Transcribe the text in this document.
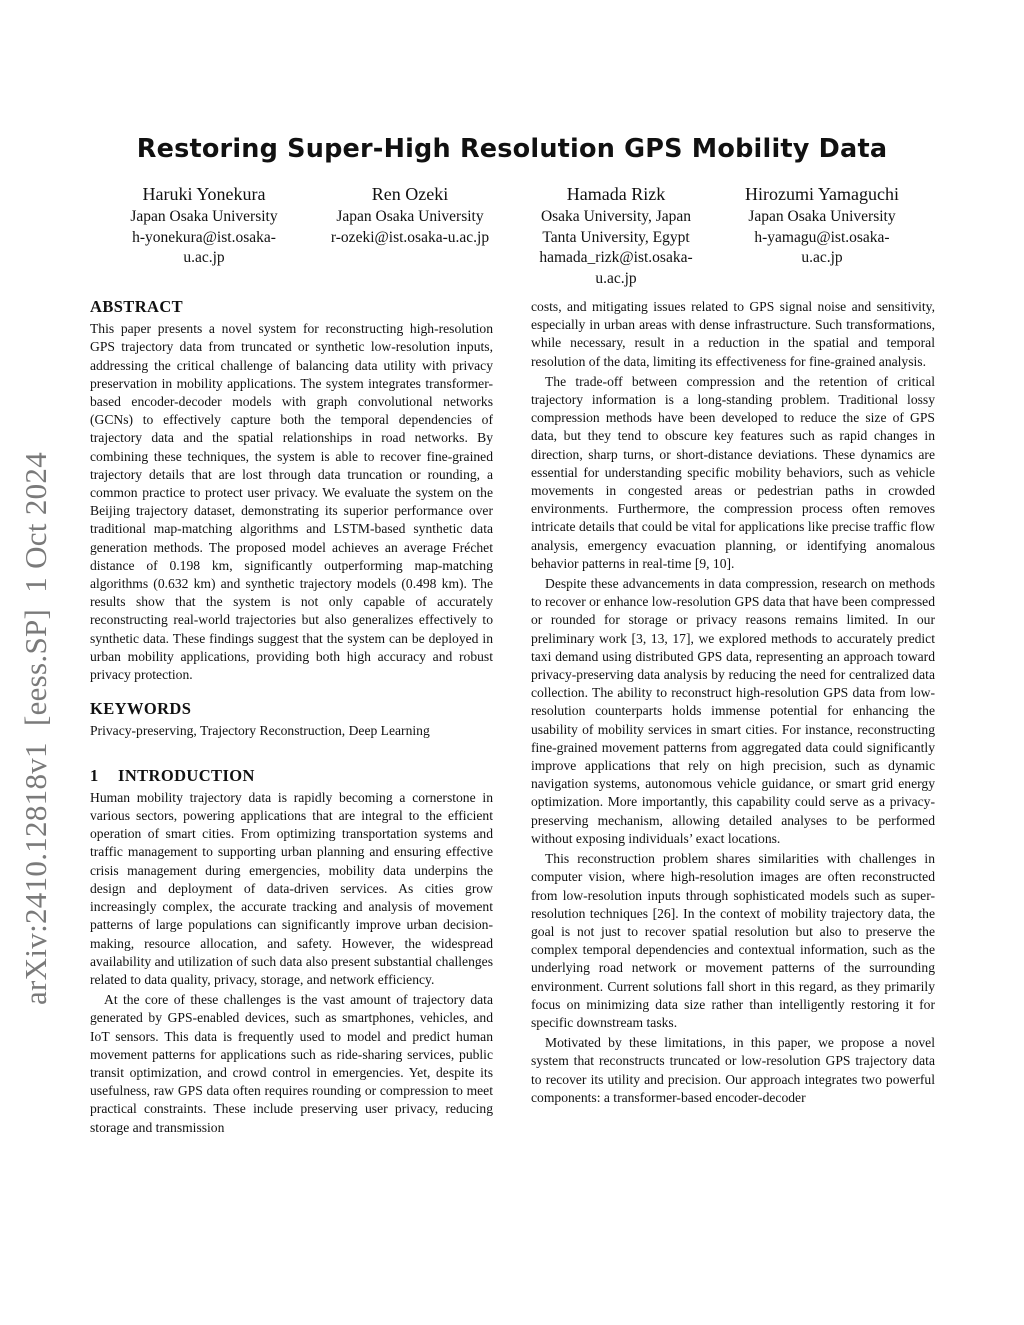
arXiv:2410.12818v1  [eess.SP]  1 Oct 2024
Restoring Super-High Resolution GPS Mobility Data
Haruki Yonekura
Japan Osaka University
h-yonekura@ist.osaka-
u.ac.jp
Ren Ozeki
Japan Osaka University
r-ozeki@ist.osaka-u.ac.jp
Hamada Rizk
Osaka University, Japan
Tanta University, Egypt
hamada_rizk@ist.osaka-
u.ac.jp
Hirozumi Yamaguchi
Japan Osaka University
h-yamagu@ist.osaka-
u.ac.jp
ABSTRACT

This paper presents a novel system for reconstructing high-resolution GPS trajectory data from truncated or synthetic low-resolution inputs, addressing the critical challenge of balancing data utility with privacy preservation in mobility applications. The system integrates transformer-based encoder-decoder models with graph convolutional networks (GCNs) to effectively capture both the temporal dependencies of trajectory data and the spatial relationships in road networks. By combining these techniques, the system is able to recover fine-grained trajectory details that are lost through data truncation or rounding, a common practice to protect user privacy. We evaluate the system on the Beijing trajectory dataset, demonstrating its superior performance over traditional map-matching algorithms and LSTM-based synthetic data generation methods. The proposed model achieves an average Fréchet distance of 0.198 km, significantly outperforming map-matching algorithms (0.632 km) and synthetic trajectory models (0.498 km). The results show that the system is not only capable of accurately reconstructing real-world trajectories but also generalizes effectively to synthetic data. These findings suggest that the system can be deployed in urban mobility applications, providing both high accuracy and robust privacy protection.

KEYWORDS

Privacy-preserving, Trajectory Reconstruction, Deep Learning

1 INTRODUCTION

Human mobility trajectory data is rapidly becoming a cornerstone in various sectors, powering applications that are integral to the efficient operation of smart cities. From optimizing transportation systems and traffic management to supporting urban planning and ensuring effective crisis management during emergencies, mobility data underpins the design and deployment of data-driven services. As cities grow increasingly complex, the accurate tracking and analysis of movement patterns of large populations can significantly improve urban decision-making, resource allocation, and safety. However, the widespread availability and utilization of such data also present substantial challenges related to data quality, privacy, storage, and network efficiency.

At the core of these challenges is the vast amount of trajectory data generated by GPS-enabled devices, such as smartphones, vehicles, and IoT sensors. This data is frequently used to model and predict human movement patterns for applications such as ride-sharing services, public transit optimization, and crowd control in emergencies. Yet, despite its usefulness, raw GPS data often requires rounding or compression to meet practical constraints. These include preserving user privacy, reducing storage and transmission

costs, and mitigating issues related to GPS signal noise and sensitivity, especially in urban areas with dense infrastructure. Such transformations, while necessary, result in a reduction in the spatial and temporal resolution of the data, limiting its effectiveness for fine-grained analysis.

The trade-off between compression and the retention of critical trajectory information is a long-standing problem. Traditional lossy compression methods have been developed to reduce the size of GPS data, but they tend to obscure key features such as rapid changes in direction, sharp turns, or short-distance deviations. These dynamics are essential for understanding specific mobility behaviors, such as vehicle movements in congested areas or pedestrian paths in crowded environments. Furthermore, the compression process often removes intricate details that could be vital for applications like precise traffic flow analysis, emergency evacuation planning, or identifying anomalous behavior patterns in real-time [9, 10].

Despite these advancements in data compression, research on methods to recover or enhance low-resolution GPS data that have been compressed or rounded for storage or privacy reasons remains limited. In our preliminary work [3, 13, 17], we explored methods to accurately predict taxi demand using distributed GPS data, representing an approach toward privacy-preserving data analysis by reducing the need for centralized data collection. The ability to reconstruct high-resolution GPS data from low-resolution counterparts holds immense potential for enhancing the usability of mobility services in smart cities. For instance, reconstructing fine-grained movement patterns from aggregated data could significantly improve applications that rely on high precision, such as dynamic navigation systems, autonomous vehicle guidance, or smart grid energy optimization. More importantly, this capability could serve as a privacy-preserving mechanism, allowing detailed analyses to be performed without exposing individuals’ exact locations.

This reconstruction problem shares similarities with challenges in computer vision, where high-resolution images are often reconstructed from low-resolution inputs through sophisticated models such as super-resolution techniques [26]. In the context of mobility trajectory data, the goal is not just to recover spatial resolution but also to preserve the complex temporal dependencies and contextual information, such as the underlying road network or movement patterns of the surrounding environment. Current solutions fall short in this regard, as they primarily focus on minimizing data size rather than intelligently restoring it for specific downstream tasks.

Motivated by these limitations, in this paper, we propose a novel system that reconstructs truncated or low-resolution GPS trajectory data to recover its utility and precision. Our approach integrates two powerful components: a transformer-based encoder-decoder
